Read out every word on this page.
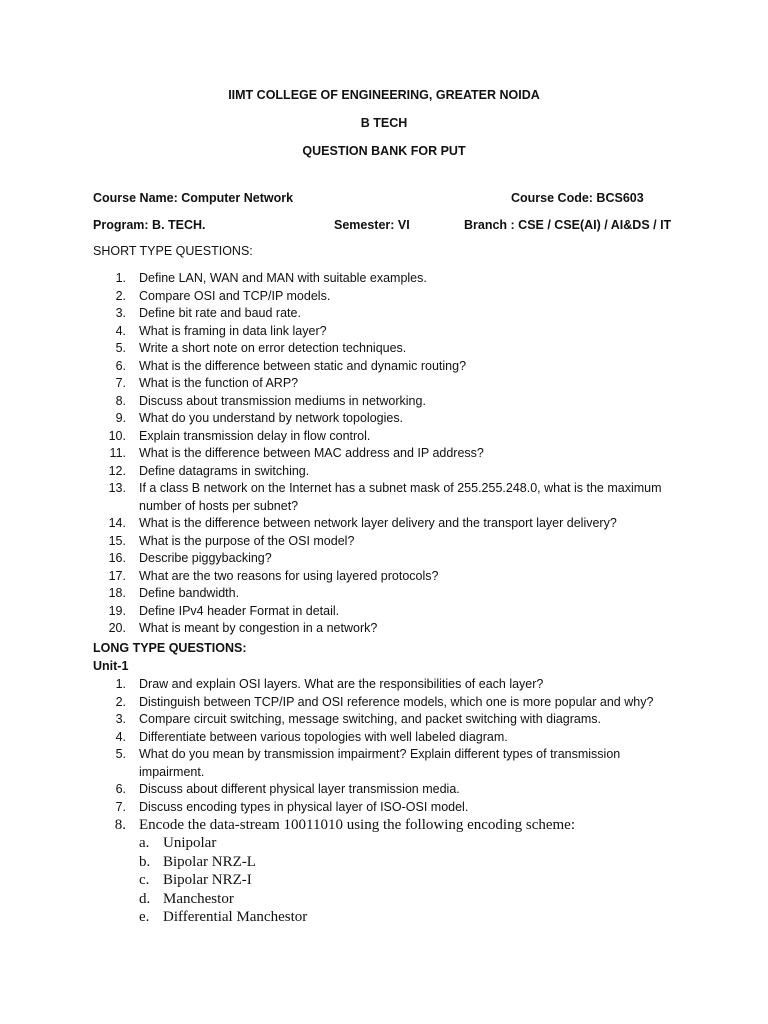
IIMT COLLEGE OF ENGINEERING, GREATER NOIDA
B TECH
QUESTION BANK FOR PUT
Course Name: Computer Network	Course Code: BCS603
Program: B. TECH.	Semester: VI	Branch : CSE / CSE(AI) / AI&DS / IT
SHORT TYPE QUESTIONS:
1. Define LAN, WAN and MAN with suitable examples.
2. Compare OSI and TCP/IP models.
3. Define bit rate and baud rate.
4. What is framing in data link layer?
5. Write a short note on error detection techniques.
6. What is the difference between static and dynamic routing?
7. What is the function of ARP?
8. Discuss about transmission mediums in networking.
9. What do you understand by network topologies.
10. Explain transmission delay in flow control.
11. What is the difference between MAC address and IP address?
12. Define datagrams in switching.
13. If a class B network on the Internet has a subnet mask of 255.255.248.0, what is the maximum number of hosts per subnet?
14. What is the difference between network layer delivery and the transport layer delivery?
15. What is the purpose of the OSI model?
16. Describe piggybacking?
17. What are the two reasons for using layered protocols?
18. Define bandwidth.
19. Define IPv4 header Format in detail.
20. What is meant by congestion in a network?
LONG TYPE QUESTIONS:
Unit-1
1. Draw and explain OSI layers. What are the responsibilities of each layer?
2. Distinguish between TCP/IP and OSI reference models, which one is more popular and why?
3. Compare circuit switching, message switching, and packet switching with diagrams.
4. Differentiate between various topologies with well labeled diagram.
5. What do you mean by transmission impairment? Explain different types of transmission impairment.
6. Discuss about different physical layer transmission media.
7. Discuss encoding types in physical layer of ISO-OSI model.
8. Encode the data-stream 10011010 using the following encoding scheme:
a. Unipolar
b. Bipolar NRZ-L
c. Bipolar NRZ-I
d. Manchestor
e. Differential Manchestor
